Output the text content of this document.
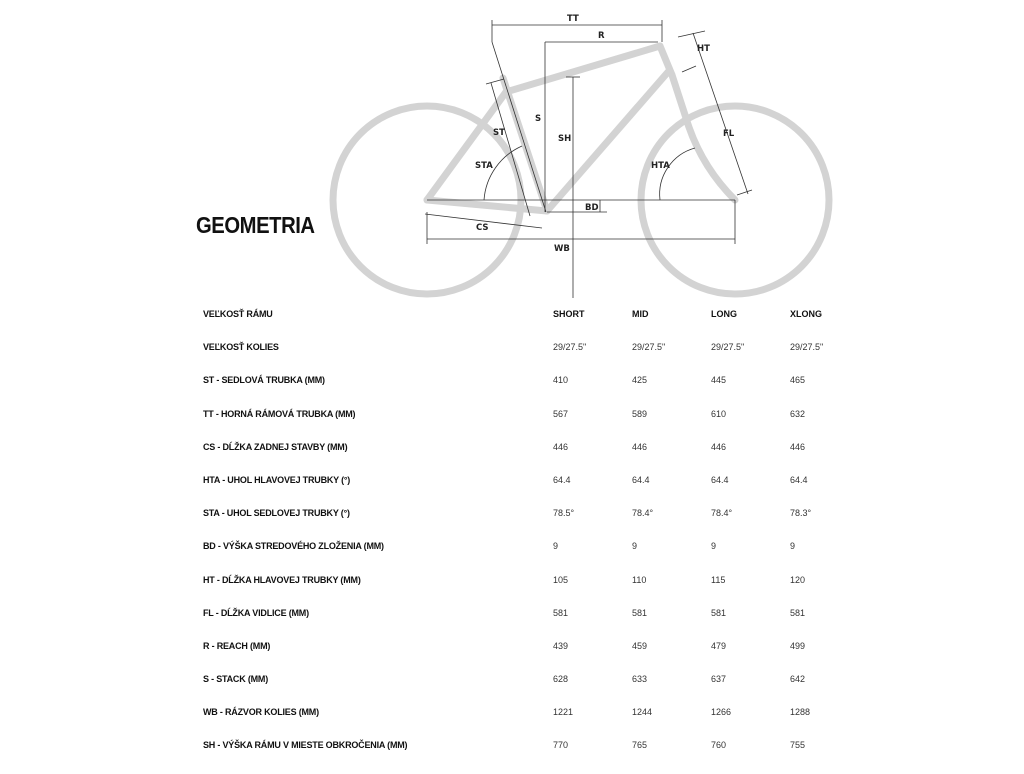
TT
R
HT
ST
S
SH
STA	HTA
FL
BD
CS
WB
GEOMETRIA
VEĽKOSŤ RÁMU	SHORT	MID	LONG	XLONG
VEĽKOSŤ KOLIES	29/27.5"	29/27.5"	29/27.5"	29/27.5"
ST - SEDLOVÁ TRUBKA (MM)	410	425	445	465
TT - HORNÁ RÁMOVÁ TRUBKA (MM)	567	589	610	632
CS - DĹŽKA ZADNEJ STAVBY (MM)	446	446	446	446
HTA - UHOL HLAVOVEJ TRUBKY (°)	64.4	64.4	64.4	64.4
STA - UHOL SEDLOVEJ TRUBKY (°)	78.5°	78.4°	78.4°	78.3°
BD - VÝŠKA STREDOVÉHO ZLOŽENIA (MM)	9	9	9	9
HT - DĹŽKA HLAVOVEJ TRUBKY (MM)	105	110	115	120
FL - DĹŽKA VIDLICE (MM)	581	581	581	581
R - REACH (MM)	439	459	479	499
S - STACK (MM)	628	633	637	642
WB - RÁZVOR KOLIES (MM)	1221	1244	1266	1288
SH - VÝŠKA RÁMU V MIESTE OBKROČENIA (MM)	770	765	760	755
